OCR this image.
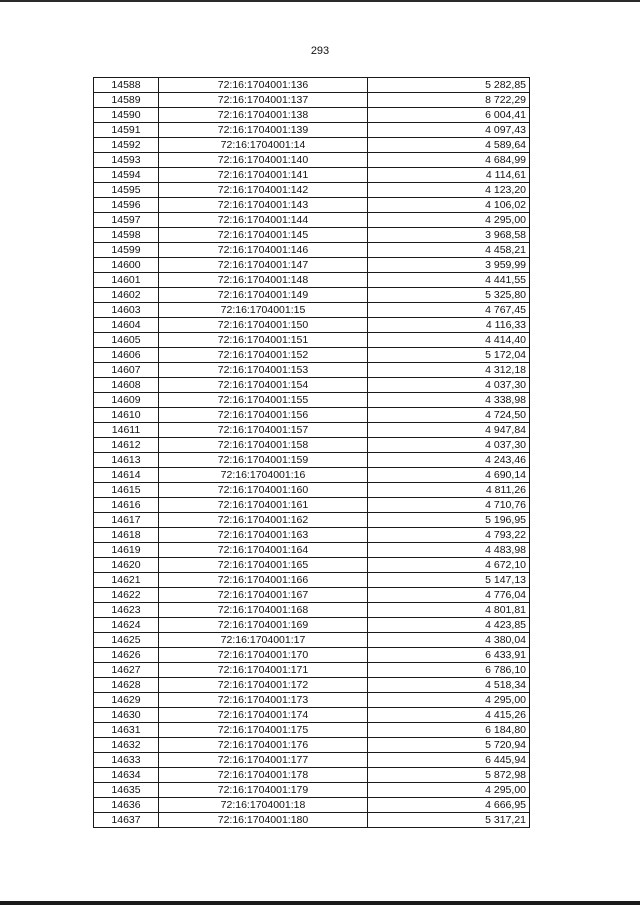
293
14588	72:16:1704001:136	5 282,85
14589	72:16:1704001:137	8 722,29
14590	72:16:1704001:138	6 004,41
14591	72:16:1704001:139	4 097,43
14592	72:16:1704001:14	4 589,64
14593	72:16:1704001:140	4 684,99
14594	72:16:1704001:141	4 114,61
14595	72:16:1704001:142	4 123,20
14596	72:16:1704001:143	4 106,02
14597	72:16:1704001:144	4 295,00
14598	72:16:1704001:145	3 968,58
14599	72:16:1704001:146	4 458,21
14600	72:16:1704001:147	3 959,99
14601	72:16:1704001:148	4 441,55
14602	72:16:1704001:149	5 325,80
14603	72:16:1704001:15	4 767,45
14604	72:16:1704001:150	4 116,33
14605	72:16:1704001:151	4 414,40
14606	72:16:1704001:152	5 172,04
14607	72:16:1704001:153	4 312,18
14608	72:16:1704001:154	4 037,30
14609	72:16:1704001:155	4 338,98
14610	72:16:1704001:156	4 724,50
14611	72:16:1704001:157	4 947,84
14612	72:16:1704001:158	4 037,30
14613	72:16:1704001:159	4 243,46
14614	72:16:1704001:16	4 690,14
14615	72:16:1704001:160	4 811,26
14616	72:16:1704001:161	4 710,76
14617	72:16:1704001:162	5 196,95
14618	72:16:1704001:163	4 793,22
14619	72:16:1704001:164	4 483,98
14620	72:16:1704001:165	4 672,10
14621	72:16:1704001:166	5 147,13
14622	72:16:1704001:167	4 776,04
14623	72:16:1704001:168	4 801,81
14624	72:16:1704001:169	4 423,85
14625	72:16:1704001:17	4 380,04
14626	72:16:1704001:170	6 433,91
14627	72:16:1704001:171	6 786,10
14628	72:16:1704001:172	4 518,34
14629	72:16:1704001:173	4 295,00
14630	72:16:1704001:174	4 415,26
14631	72:16:1704001:175	6 184,80
14632	72:16:1704001:176	5 720,94
14633	72:16:1704001:177	6 445,94
14634	72:16:1704001:178	5 872,98
14635	72:16:1704001:179	4 295,00
14636	72:16:1704001:18	4 666,95
14637	72:16:1704001:180	5 317,21
